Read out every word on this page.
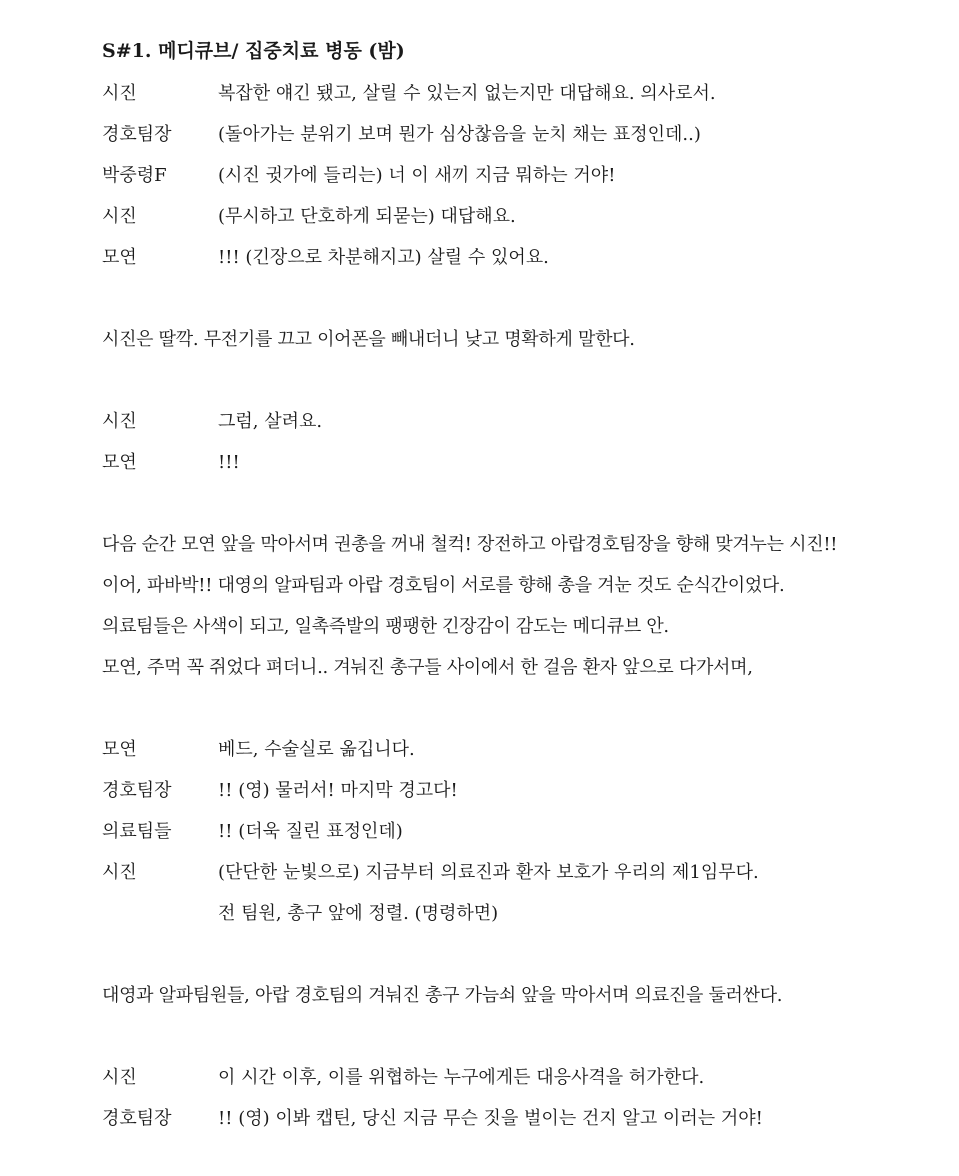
S#1. 메디큐브/ 집중치료 병동 (밤)
시진	복잡한 얘긴 됐고, 살릴 수 있는지 없는지만 대답해요. 의사로서.
경호팀장	(돌아가는 분위기 보며 뭔가 심상찮음을 눈치 채는 표정인데..)
박중령F	(시진 귓가에 들리는) 너 이 새끼 지금 뭐하는 거야!
시진	(무시하고 단호하게 되묻는) 대답해요.
모연	!!! (긴장으로 차분해지고) 살릴 수 있어요.
시진은 딸깍. 무전기를 끄고 이어폰을 빼내더니 낮고 명확하게 말한다.
시진	그럼, 살려요.
모연	!!!
다음 순간 모연 앞을 막아서며 권총을 꺼내 철컥! 장전하고 아랍경호팀장을 향해 맞겨누는 시진!!
이어, 파바박!! 대영의 알파팀과 아랍 경호팀이 서로를 향해 총을 겨눈 것도 순식간이었다.
의료팀들은 사색이 되고, 일촉즉발의 팽팽한 긴장감이 감도는 메디큐브 안.
모연, 주먹 꼭 쥐었다 펴더니.. 겨눠진 총구들 사이에서 한 걸음 환자 앞으로 다가서며,
모연	베드, 수술실로 옮깁니다.
경호팀장	!! (영) 물러서! 마지막 경고다!
의료팀들	!! (더욱 질린 표정인데)
시진	(단단한 눈빛으로) 지금부터 의료진과 환자 보호가 우리의 제1임무다.
전 팀원, 총구 앞에 정렬. (명령하면)
대영과 알파팀원들, 아랍 경호팀의 겨눠진 총구 가늠쇠 앞을 막아서며 의료진을 둘러싼다.
시진	이 시간 이후, 이를 위협하는 누구에게든 대응사격을 허가한다.
경호팀장	!! (영) 이봐 캡틴, 당신 지금 무슨 짓을 벌이는 건지 알고 이러는 거야!
